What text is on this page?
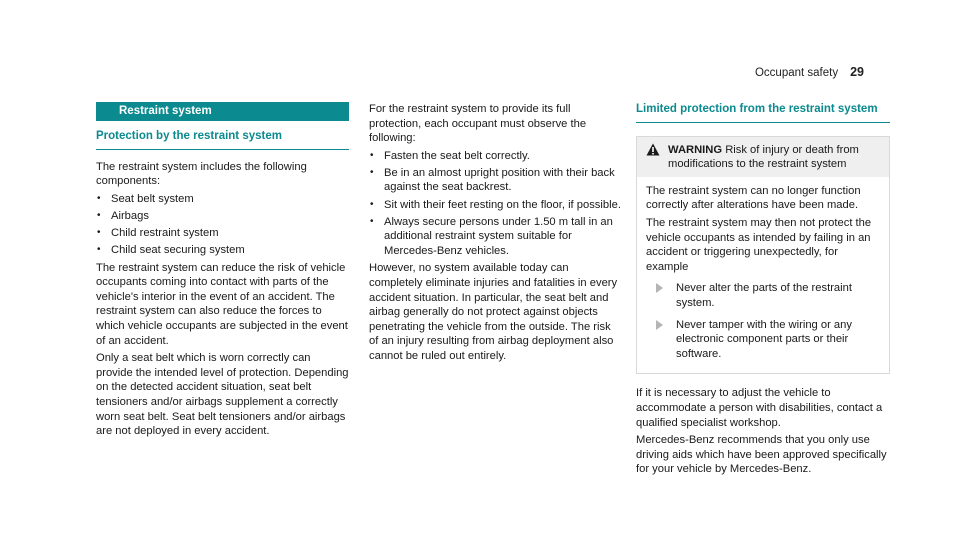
Occupant safety 29
Restraint system
Protection by the restraint system

The restraint system includes the following components:

• Seat belt system
• Airbags
• Child restraint system
• Child seat securing system

The restraint system can reduce the risk of vehicle occupants coming into contact with parts of the vehicle's interior in the event of an accident. The restraint system can also reduce the forces to which vehicle occupants are subjected in the event of an accident.

Only a seat belt which is worn correctly can provide the intended level of protection. Depending on the detected accident situation, seat belt tensioners and/or airbags supplement a correctly worn seat belt. Seat belt tensioners and/or airbags are not deployed in every accident.

For the restraint system to provide its full protection, each occupant must observe the following:

• Fasten the seat belt correctly.
• Be in an almost upright position with their back against the seat backrest.
• Sit with their feet resting on the floor, if possible.
• Always secure persons under 1.50 m tall in an additional restraint system suitable for Mercedes-Benz vehicles.

However, no system available today can completely eliminate injuries and fatalities in every accident situation. In particular, the seat belt and airbag generally do not protect against objects penetrating the vehicle from the outside. The risk of an injury resulting from airbag deployment also cannot be ruled out entirely.

Limited protection from the restraint system
WARNING Risk of injury or death from modifications to the restraint system

The restraint system can no longer function correctly after alterations have been made.

The restraint system may then not protect the vehicle occupants as intended by failing in an accident or triggering unexpectedly, for example

Never alter the parts of the restraint system.
Never tamper with the wiring or any electronic component parts or their software.

If it is necessary to adjust the vehicle to accommodate a person with disabilities, contact a qualified specialist workshop.

Mercedes-Benz recommends that you only use driving aids which have been approved specifically for your vehicle by Mercedes-Benz.
